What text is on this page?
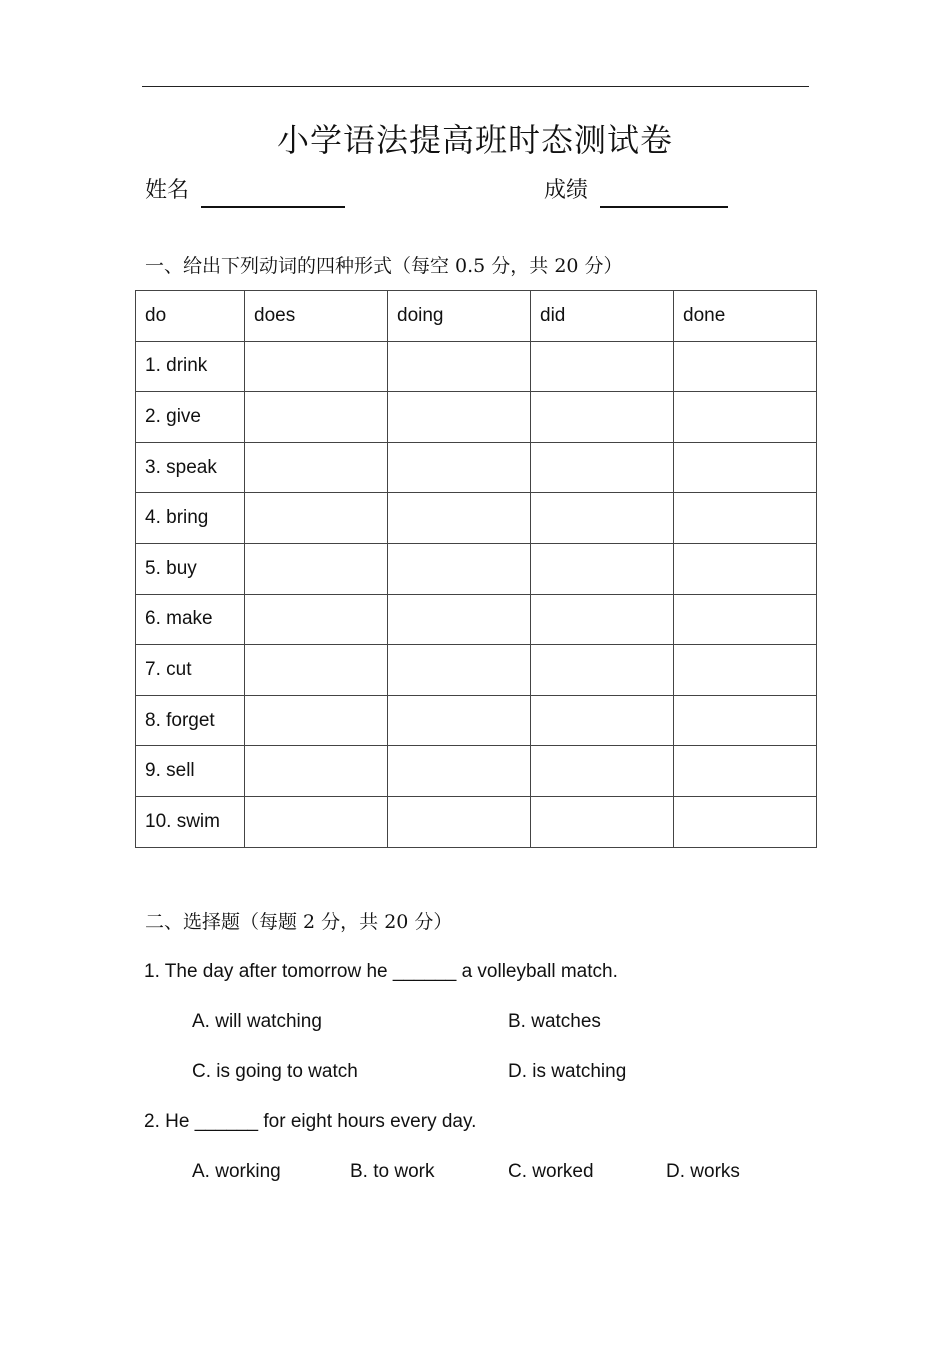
小学语法提高班时态测试卷
姓名	成绩
一、给出下列动词的四种形式（每空 0.5 分，共 20 分）
do	does	doing	did	done
1. drink				
2. give				
3. speak				
4. bring				
5. buy				
6. make				
7. cut				
8. forget				
9. sell				
10. swim				
二、选择题（每题 2 分，共 20 分）
1. The day after tomorrow he ______ a volleyball match.
A. will watching	B. watches
C. is going to watch	D. is watching
2. He ______ for eight hours every day.
A. working	B. to work	C. worked	D. works
